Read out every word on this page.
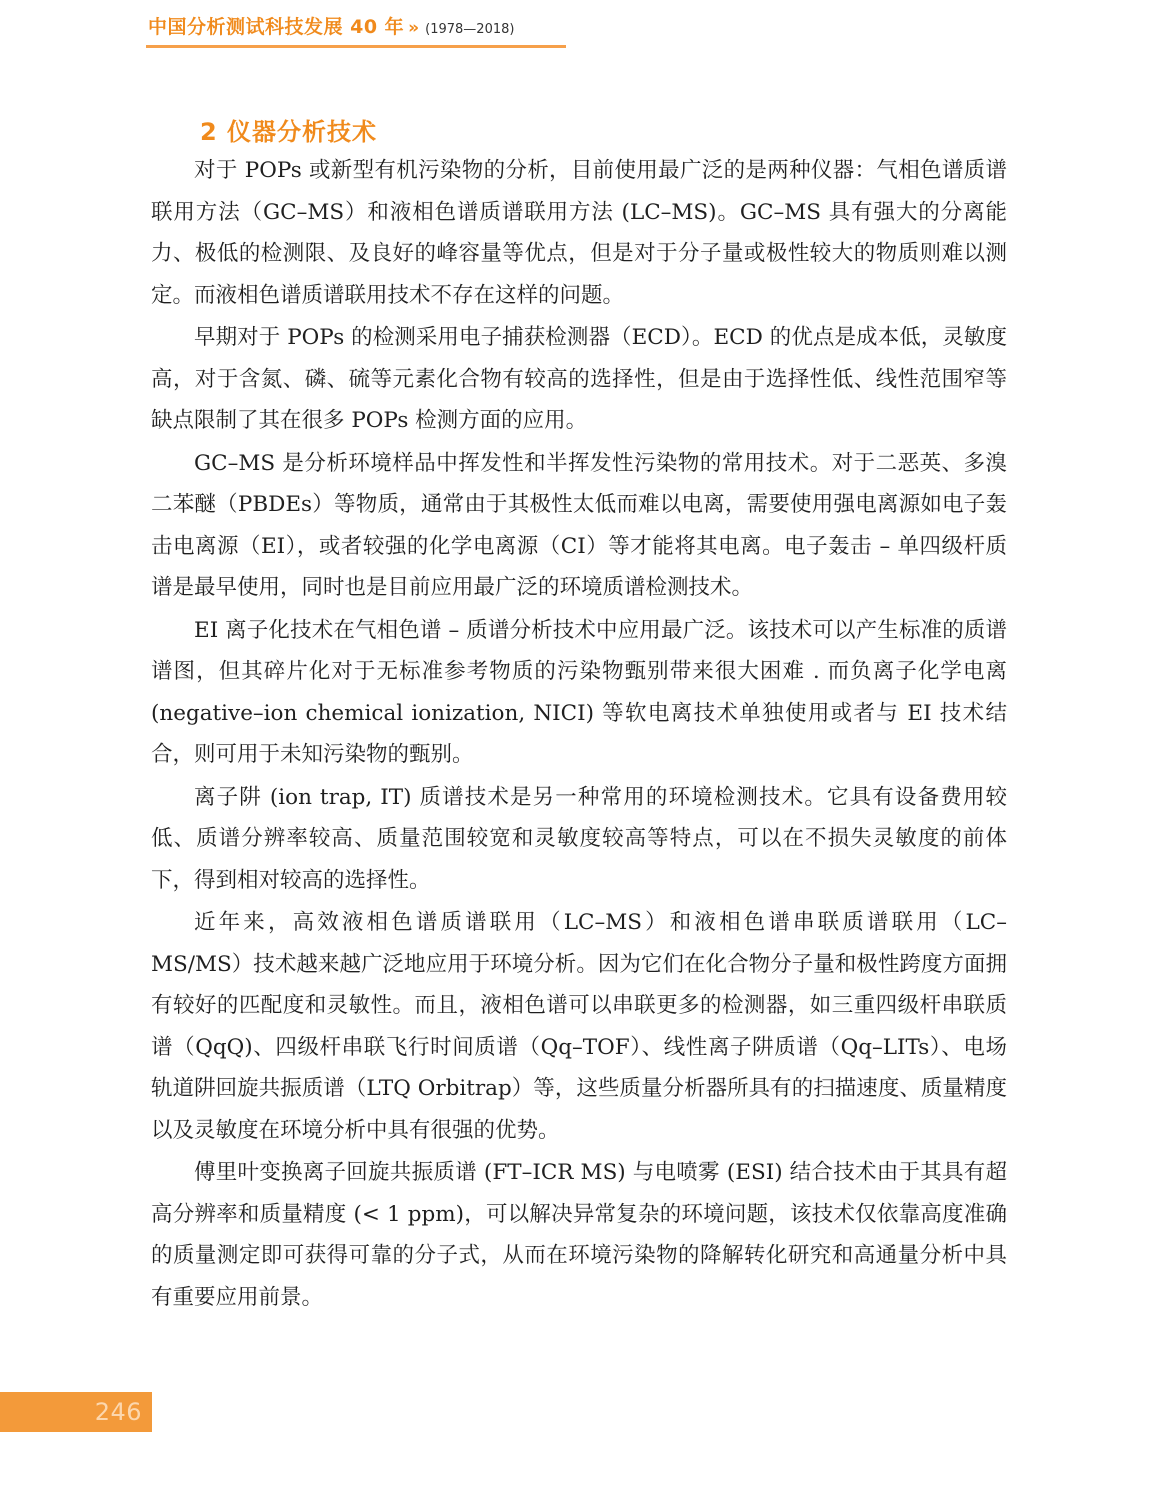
中国分析测试科技发展 40 年 » (1978—2018)
2 仪器分析技术

对于 POPs 或新型有机污染物的分析，目前使用最广泛的是两种仪器：气相色谱质谱联用方法（GC–MS）和液相色谱质谱联用方法 (LC–MS)。GC–MS 具有强大的分离能力、极低的检测限、及良好的峰容量等优点，但是对于分子量或极性较大的物质则难以测定。而液相色谱质谱联用技术不存在这样的问题。

早期对于 POPs 的检测采用电子捕获检测器（ECD）。ECD 的优点是成本低，灵敏度高，对于含氮、磷、硫等元素化合物有较高的选择性，但是由于选择性低、线性范围窄等缺点限制了其在很多 POPs 检测方面的应用。

GC–MS 是分析环境样品中挥发性和半挥发性污染物的常用技术。对于二恶英、多溴二苯醚（PBDEs）等物质，通常由于其极性太低而难以电离，需要使用强电离源如电子轰击电离源（EI），或者较强的化学电离源（CI）等才能将其电离。电子轰击 – 单四级杆质谱是最早使用，同时也是目前应用最广泛的环境质谱检测技术。

EI 离子化技术在气相色谱 – 质谱分析技术中应用最广泛。该技术可以产生标准的质谱谱图，但其碎片化对于无标准参考物质的污染物甄别带来很大困难 . 而负离子化学电离 (negative–ion chemical ionization, NICI) 等软电离技术单独使用或者与 EI 技术结合，则可用于未知污染物的甄别。

离子阱 (ion trap, IT) 质谱技术是另一种常用的环境检测技术。它具有设备费用较低、质谱分辨率较高、质量范围较宽和灵敏度较高等特点，可以在不损失灵敏度的前体下，得到相对较高的选择性。

近年来，高效液相色谱质谱联用（LC–MS）和液相色谱串联质谱联用（LC–MS/MS）技术越来越广泛地应用于环境分析。因为它们在化合物分子量和极性跨度方面拥有较好的匹配度和灵敏性。而且，液相色谱可以串联更多的检测器，如三重四级杆串联质谱（QqQ)、四级杆串联飞行时间质谱（Qq–TOF）、线性离子阱质谱（Qq–LITs）、电场轨道阱回旋共振质谱（LTQ Orbitrap）等，这些质量分析器所具有的扫描速度、质量精度以及灵敏度在环境分析中具有很强的优势。

傅里叶变换离子回旋共振质谱 (FT–ICR MS) 与电喷雾 (ESI) 结合技术由于其具有超高分辨率和质量精度 (< 1 ppm)，可以解决异常复杂的环境问题，该技术仅依靠高度准确的质量测定即可获得可靠的分子式，从而在环境污染物的降解转化研究和高通量分析中具有重要应用前景。

246
